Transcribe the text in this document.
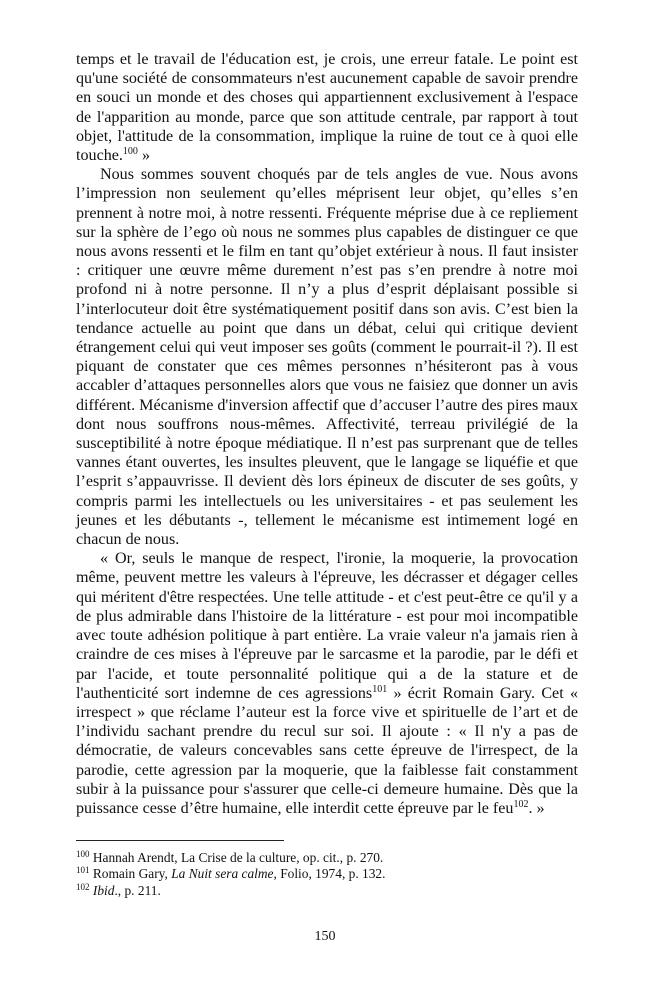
temps et le travail de l'éducation est, je crois, une erreur fatale. Le point est qu'une société de consommateurs n'est aucunement capable de savoir prendre en souci un monde et des choses qui appartiennent exclusivement à l'espace de l'apparition au monde, parce que son attitude centrale, par rapport à tout objet, l'attitude de la consommation, implique la ruine de tout ce à quoi elle touche.$^{100}$ »

Nous sommes souvent choqués par de tels angles de vue. Nous avons l’impression non seulement qu’elles méprisent leur objet, qu’elles s’en prennent à notre moi, à notre ressenti. Fréquente méprise due à ce repliement sur la sphère de l’ego où nous ne sommes plus capables de distinguer ce que nous avons ressenti et le film en tant qu’objet extérieur à nous. Il faut insister : critiquer une œuvre même durement n’est pas s’en prendre à notre moi profond ni à notre personne. Il n’y a plus d’esprit déplaisant possible si l’interlocuteur doit être systématiquement positif dans son avis. C’est bien la tendance actuelle au point que dans un débat, celui qui critique devient étrangement celui qui veut imposer ses goûts (comment le pourrait-il ?). Il est piquant de constater que ces mêmes personnes n’hésiteront pas à vous accabler d’attaques personnelles alors que vous ne faisiez que donner un avis différent. Mécanisme d'inversion affectif que d’accuser l’autre des pires maux dont nous souffrons nous-mêmes. Affectivité, terreau privilégié de la susceptibilité à notre époque médiatique. Il n’est pas surprenant que de telles vannes étant ouvertes, les insultes pleuvent, que le langage se liquéfie et que l’esprit s’appauvrisse. Il devient dès lors épineux de discuter de ses goûts, y compris parmi les intellectuels ou les universitaires - et pas seulement les jeunes et les débutants -, tellement le mécanisme est intimement logé en chacun de nous.

« Or, seuls le manque de respect, l'ironie, la moquerie, la provocation même, peuvent mettre les valeurs à l'épreuve, les décrasser et dégager celles qui méritent d'être respectées. Une telle attitude - et c'est peut-être ce qu'il y a de plus admirable dans l'histoire de la littérature - est pour moi incompatible avec toute adhésion politique à part entière. La vraie valeur n'a jamais rien à craindre de ces mises à l'épreuve par le sarcasme et la parodie, par le défi et par l'acide, et toute personnalité politique qui a de la stature et de l'authenticité sort indemne de ces agressions$^{101}$ » écrit Romain Gary. Cet « irrespect » que réclame l’auteur est la force vive et spirituelle de l’art et de l’individu sachant prendre du recul sur soi. Il ajoute : « Il n'y a pas de démocratie, de valeurs concevables sans cette épreuve de l'irrespect, de la parodie, cette agression par la moquerie, que la faiblesse fait constamment subir à la puissance pour s'assurer que celle-ci demeure humaine. Dès que la puissance cesse d’être humaine, elle interdit cette épreuve par le feu$^{102}$. »

$^{100}$ Hannah Arendt, La Crise de la culture, op. cit., p. 270.
$^{101}$ Romain Gary, La Nuit sera calme, Folio, 1974, p. 132.
$^{102}$ Ibid., p. 211.
150
